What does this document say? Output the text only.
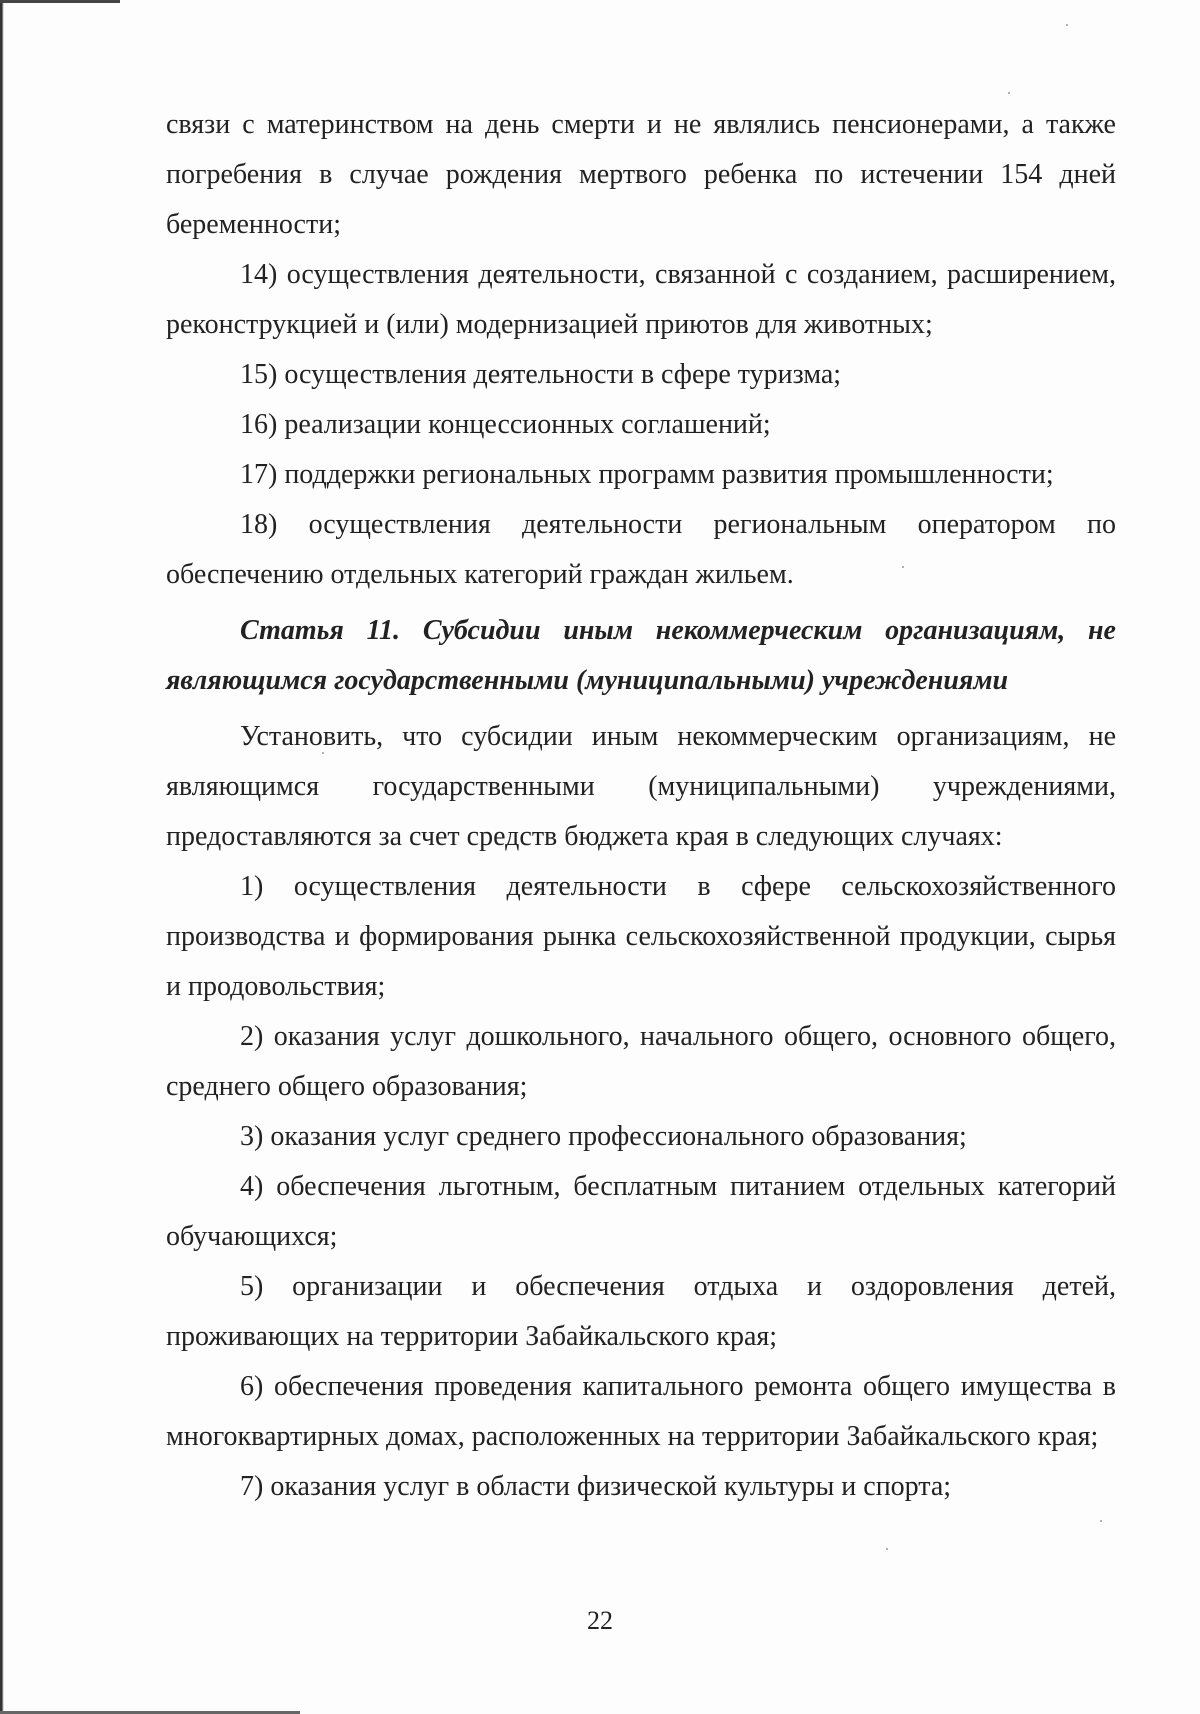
связи с материнством на день смерти и не являлись пенсионерами, а также погребения в случае рождения мертвого ребенка по истечении 154 дней беременности;

14) осуществления деятельности, связанной с созданием, расширением, реконструкцией и (или) модернизацией приютов для животных;

15) осуществления деятельности в сфере туризма;

16) реализации концессионных соглашений;

17) поддержки региональных программ развития промышленности;

18) осуществления деятельности региональным оператором по обеспечению отдельных категорий граждан жильем.

Статья 11. Субсидии иным некоммерческим организациям, не являющимся государственными (муниципальными) учреждениями

Установить, что субсидии иным некоммерческим организациям, не являющимся государственными (муниципальными) учреждениями, предоставляются за счет средств бюджета края в следующих случаях:

1) осуществления деятельности в сфере сельскохозяйственного производства и формирования рынка сельскохозяйственной продукции, сырья и продовольствия;

2) оказания услуг дошкольного, начального общего, основного общего, среднего общего образования;

3) оказания услуг среднего профессионального образования;

4) обеспечения льготным, бесплатным питанием отдельных категорий обучающихся;

5) организации и обеспечения отдыха и оздоровления детей, проживающих на территории Забайкальского края;

6) обеспечения проведения капитального ремонта общего имущества в многоквартирных домах, расположенных на территории Забайкальского края;

7) оказания услуг в области физической культуры и спорта;

22
